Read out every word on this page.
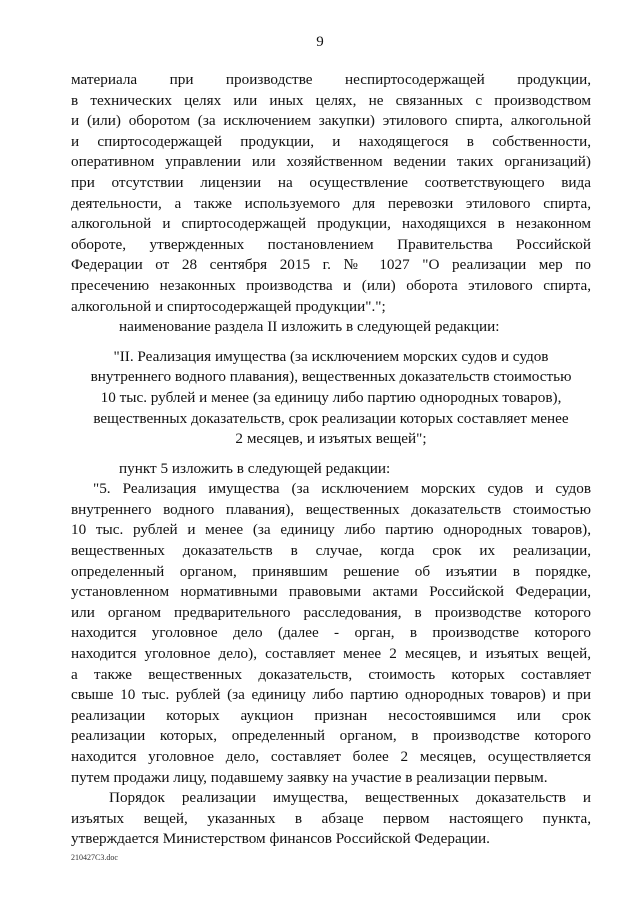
9
материала при производстве неспиртосодержащей продукции,
в технических целях или иных целях, не связанных с производством
и (или) оборотом (за исключением закупки) этилового спирта, алкогольной
и спиртосодержащей продукции, и находящегося в собственности,
оперативном управлении или хозяйственном ведении таких организаций)
при отсутствии лицензии на осуществление соответствующего вида
деятельности, а также используемого для перевозки этилового спирта,
алкогольной и спиртосодержащей продукции, находящихся в незаконном
обороте, утвержденных постановлением Правительства Российской
Федерации от 28 сентября 2015 г. № 1027 "О реализации мер по
пресечению незаконных производства и (или) оборота этилового спирта,
алкогольной и спиртосодержащей продукции".";
наименование раздела II изложить в следующей редакции:
"II. Реализация имущества (за исключением морских судов и судов
внутреннего водного плавания), вещественных доказательств стоимостью
10 тыс. рублей и менее (за единицу либо партию однородных товаров),
вещественных доказательств, срок реализации которых составляет менее
2 месяцев, и изъятых вещей";
пункт 5 изложить в следующей редакции:
"5. Реализация имущества (за исключением морских судов и судов
внутреннего водного плавания), вещественных доказательств стоимостью
10 тыс. рублей и менее (за единицу либо партию однородных товаров),
вещественных доказательств в случае, когда срок их реализации,
определенный органом, принявшим решение об изъятии в порядке,
установленном нормативными правовыми актами Российской Федерации,
или органом предварительного расследования, в производстве которого
находится уголовное дело (далее - орган, в производстве которого
находится уголовное дело), составляет менее 2 месяцев, и изъятых вещей,
а также вещественных доказательств, стоимость которых составляет
свыше 10 тыс. рублей (за единицу либо партию однородных товаров) и при
реализации которых аукцион признан несостоявшимся или срок
реализации которых, определенный органом, в производстве которого
находится уголовное дело, составляет более 2 месяцев, осуществляется
путем продажи лицу, подавшему заявку на участие в реализации первым.
Порядок реализации имущества, вещественных доказательств и
изъятых вещей, указанных в абзаце первом настоящего пункта,
утверждается Министерством финансов Российской Федерации.
210427C3.doc
